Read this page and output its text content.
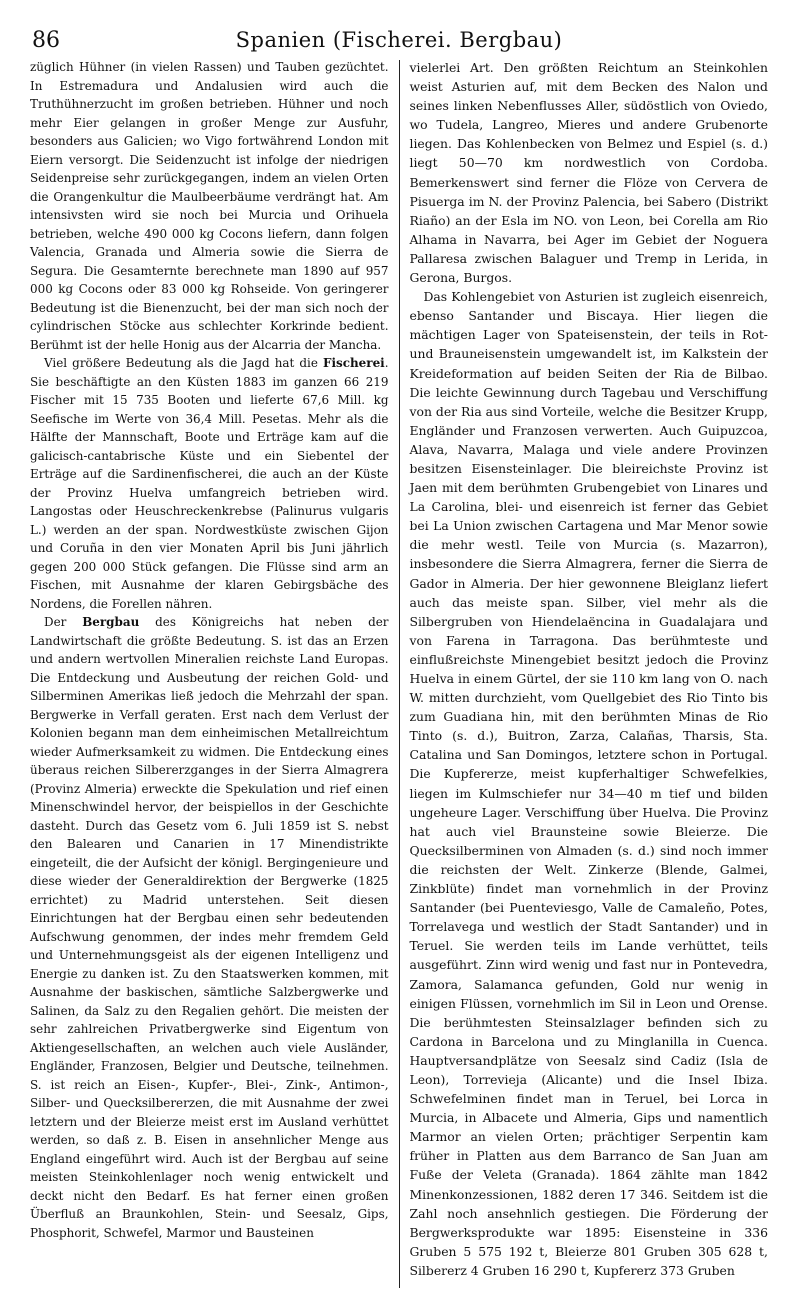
86	Spanien (Fischerei. Bergbau)

züglich Hühner (in vielen Rassen) und Tauben gezüchtet. In Estremadura und Andalusien wird auch die Truthühnerzucht im großen betrieben. Hühner und noch mehr Eier gelangen in großer Menge zur Ausfuhr, besonders aus Galicien; wo Vigo fortwährend London mit Eiern versorgt. Die Seidenzucht ist infolge der niedrigen Seidenpreise sehr zurückgegangen, indem an vielen Orten die Orangenkultur die Maulbeerbäume verdrängt hat. Am intensivsten wird sie noch bei Murcia und Orihuela betrieben, welche 490 000 kg Cocons liefern, dann folgen Valencia, Granada und Almeria sowie die Sierra de Segura. Die Gesamternte berechnete man 1890 auf 957 000 kg Cocons oder 83 000 kg Rohseide. Von geringerer Bedeutung ist die Bienenzucht, bei der man sich noch der cylindrischen Stöcke aus schlechter Korkrinde bedient. Berühmt ist der helle Honig aus der Alcarria der Mancha.

Viel größere Bedeutung als die Jagd hat die Fischerei. Sie beschäftigte an den Küsten 1883 im ganzen 66 219 Fischer mit 15 735 Booten und lieferte 67,6 Mill. kg Seefische im Werte von 36,4 Mill. Pesetas. Mehr als die Hälfte der Mannschaft, Boote und Erträge kam auf die galicisch-cantabrische Küste und ein Siebentel der Erträge auf die Sardinenfischerei, die auch an der Küste der Provinz Huelva umfangreich betrieben wird. Langostas oder Heuschreckenkrebse (Palinurus vulgaris L.) werden an der span. Nordwestküste zwischen Gijon und Coruña in den vier Monaten April bis Juni jährlich gegen 200 000 Stück gefangen. Die Flüsse sind arm an Fischen, mit Ausnahme der klaren Gebirgsbäche des Nordens, die Forellen nähren.

Der Bergbau des Königreichs hat neben der Landwirtschaft die größte Bedeutung. S. ist das an Erzen und andern wertvollen Mineralien reichste Land Europas. Die Entdeckung und Ausbeutung der reichen Gold- und Silberminen Amerikas ließ jedoch die Mehrzahl der span. Bergwerke in Verfall geraten. Erst nach dem Verlust der Kolonien begann man dem einheimischen Metallreichtum wieder Aufmerksamkeit zu widmen. Die Entdeckung eines überaus reichen Silbererzganges in der Sierra Almagrera (Provinz Almeria) erweckte die Spekulation und rief einen Minenschwindel hervor, der beispiellos in der Geschichte dasteht. Durch das Gesetz vom 6. Juli 1859 ist S. nebst den Balearen und Canarien in 17 Minendistrikte eingeteilt, die der Aufsicht der königl. Bergingenieure und diese wieder der Generaldirektion der Bergwerke (1825 errichtet) zu Madrid unterstehen. Seit diesen Einrichtungen hat der Bergbau einen sehr bedeutenden Aufschwung genommen, der indes mehr fremdem Geld und Unternehmungsgeist als der eigenen Intelligenz und Energie zu danken ist. Zu den Staatswerken kommen, mit Ausnahme der baskischen, sämtliche Salzbergwerke und Salinen, da Salz zu den Regalien gehört. Die meisten der sehr zahlreichen Privatbergwerke sind Eigentum von Aktiengesellschaften, an welchen auch viele Ausländer, Engländer, Franzosen, Belgier und Deutsche, teilnehmen. S. ist reich an Eisen-, Kupfer-, Blei-, Zink-, Antimon-, Silber- und Quecksilbererzen, die mit Ausnahme der zwei letztern und der Bleierze meist erst im Ausland verhüttet werden, so daß z. B. Eisen in ansehnlicher Menge aus England eingeführt wird. Auch ist der Bergbau auf seine meisten Steinkohlenlager noch wenig entwickelt und deckt nicht den Bedarf. Es hat ferner einen großen Überfluß an Braunkohlen, Stein- und Seesalz, Gips, Phosphorit, Schwefel, Marmor und Bausteinen

vielerlei Art. Den größten Reichtum an Steinkohlen weist Asturien auf, mit dem Becken des Nalon und seines linken Nebenflusses Aller, südöstlich von Oviedo, wo Tudela, Langreo, Mieres und andere Grubenorte liegen. Das Kohlenbecken von Belmez und Espiel (s. d.) liegt 50—70 km nordwestlich von Cordoba. Bemerkenswert sind ferner die Flöze von Cervera de Pisuerga im N. der Provinz Palencia, bei Sabero (Distrikt Riaño) an der Esla im NO. von Leon, bei Corella am Rio Alhama in Navarra, bei Ager im Gebiet der Noguera Pallaresa zwischen Balaguer und Tremp in Lerida, in Gerona, Burgos.

Das Kohlengebiet von Asturien ist zugleich eisenreich, ebenso Santander und Biscaya. Hier liegen die mächtigen Lager von Spateisenstein, der teils in Rot- und Brauneisenstein umgewandelt ist, im Kalkstein der Kreideformation auf beiden Seiten der Ria de Bilbao. Die leichte Gewinnung durch Tagebau und Verschiffung von der Ria aus sind Vorteile, welche die Besitzer Krupp, Engländer und Franzosen verwerten. Auch Guipuzcoa, Alava, Navarra, Malaga und viele andere Provinzen besitzen Eisensteinlager. Die bleireichste Provinz ist Jaen mit dem berühmten Grubengebiet von Linares und La Carolina, blei- und eisenreich ist ferner das Gebiet bei La Union zwischen Cartagena und Mar Menor sowie die mehr westl. Teile von Murcia (s. Mazarron), insbesondere die Sierra Almagrera, ferner die Sierra de Gador in Almeria. Der hier gewonnene Bleiglanz liefert auch das meiste span. Silber, viel mehr als die Silbergruben von Hiendelaëncina in Guadalajara und von Farena in Tarragona. Das berühmteste und einflußreichste Minengebiet besitzt jedoch die Provinz Huelva in einem Gürtel, der sie 110 km lang von O. nach W. mitten durchzieht, vom Quellgebiet des Rio Tinto bis zum Guadiana hin, mit den berühmten Minas de Rio Tinto (s. d.), Buitron, Zarza, Calañas, Tharsis, Sta. Catalina und San Domingos, letztere schon in Portugal. Die Kupfererze, meist kupferhaltiger Schwefelkies, liegen im Kulmschiefer nur 34—40 m tief und bilden ungeheure Lager. Verschiffung über Huelva. Die Provinz hat auch viel Braunsteine sowie Bleierze. Die Quecksilberminen von Almaden (s. d.) sind noch immer die reichsten der Welt. Zinkerze (Blende, Galmei, Zinkblüte) findet man vornehmlich in der Provinz Santander (bei Puenteviesgo, Valle de Camaleño, Potes, Torrelavega und westlich der Stadt Santander) und in Teruel. Sie werden teils im Lande verhüttet, teils ausgeführt. Zinn wird wenig und fast nur in Pontevedra, Zamora, Salamanca gefunden, Gold nur wenig in einigen Flüssen, vornehmlich im Sil in Leon und Orense. Die berühmtesten Steinsalzlager befinden sich zu Cardona in Barcelona und zu Minglanilla in Cuenca. Hauptversandplätze von Seesalz sind Cadiz (Isla de Leon), Torrevieja (Alicante) und die Insel Ibiza. Schwefelminen findet man in Teruel, bei Lorca in Murcia, in Albacete und Almeria, Gips und namentlich Marmor an vielen Orten; prächtiger Serpentin kam früher in Platten aus dem Barranco de San Juan am Fuße der Veleta (Granada). 1864 zählte man 1842 Minenkonzessionen, 1882 deren 17 346. Seitdem ist die Zahl noch ansehnlich gestiegen. Die Förderung der Bergwerksprodukte war 1895: Eisensteine in 336 Gruben 5 575 192 t, Bleierze 801 Gruben 305 628 t, Silbererz 4 Gruben 16 290 t, Kupfererz 373 Gruben
